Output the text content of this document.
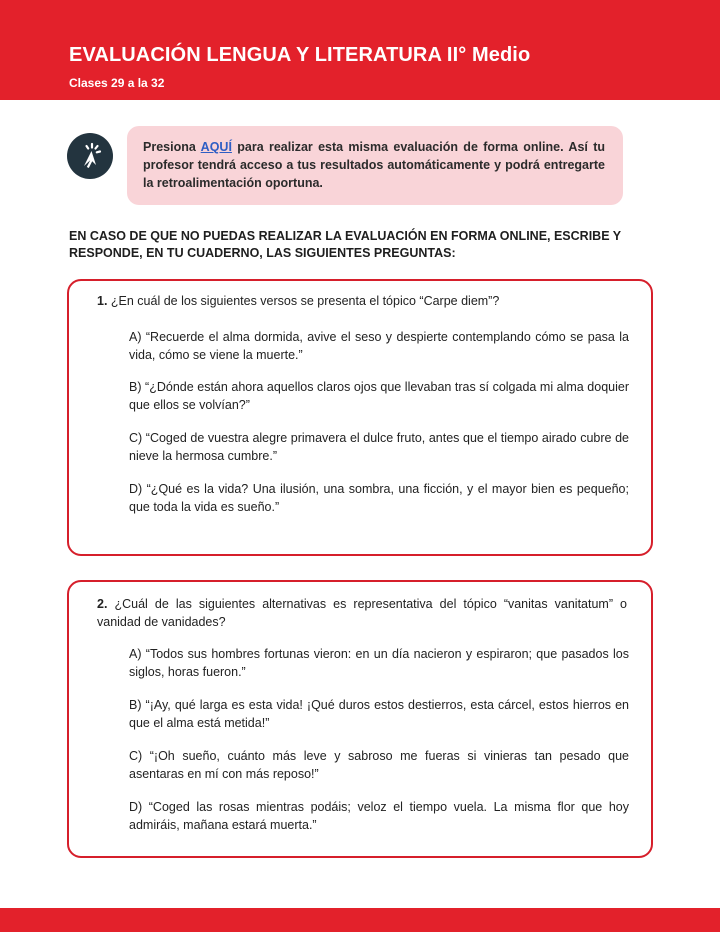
EVALUACIÓN LENGUA Y LITERATURA II° Medio
Clases 29 a la 32
Presiona AQUÍ para realizar esta misma evaluación de forma online. Así tu profesor tendrá acceso a tus resultados automáticamente y podrá entregarte la retroalimentación oportuna.
EN CASO DE QUE NO PUEDAS REALIZAR LA EVALUACIÓN EN FORMA ONLINE, ESCRIBE Y RESPONDE, EN TU CUADERNO, LAS SIGUIENTES PREGUNTAS:
1. ¿En cuál de los siguientes versos se presenta el tópico “Carpe diem”?
A) “Recuerde el alma dormida, avive el seso y despierte contemplando cómo se pasa la vida, cómo se viene la muerte.”
B) “¿Dónde están ahora aquellos claros ojos que llevaban tras sí colgada mi alma doquier que ellos se volvían?”
C) “Coged de vuestra alegre primavera el dulce fruto, antes que el tiempo airado cubre de nieve la hermosa cumbre.”
D) “¿Qué es la vida? Una ilusión, una sombra, una ficción, y el mayor bien es pequeño; que toda la vida es sueño.”
2. ¿Cuál de las siguientes alternativas es representativa del tópico “vanitas vanitatum” o vanidad de vanidades?
A) “Todos sus hombres fortunas vieron: en un día nacieron y espiraron; que pasados los siglos, horas fueron.”
B) “¡Ay, qué larga es esta vida! ¡Qué duros estos destierros, esta cárcel, estos hierros en que el alma está metida!”
C) “¡Oh sueño, cuánto más leve y sabroso me fueras si vinieras tan pesado que asentaras en mí con más reposo!”
D) “Coged las rosas mientras podáis; veloz el tiempo vuela. La misma flor que hoy admiráis, mañana estará muerta.”
